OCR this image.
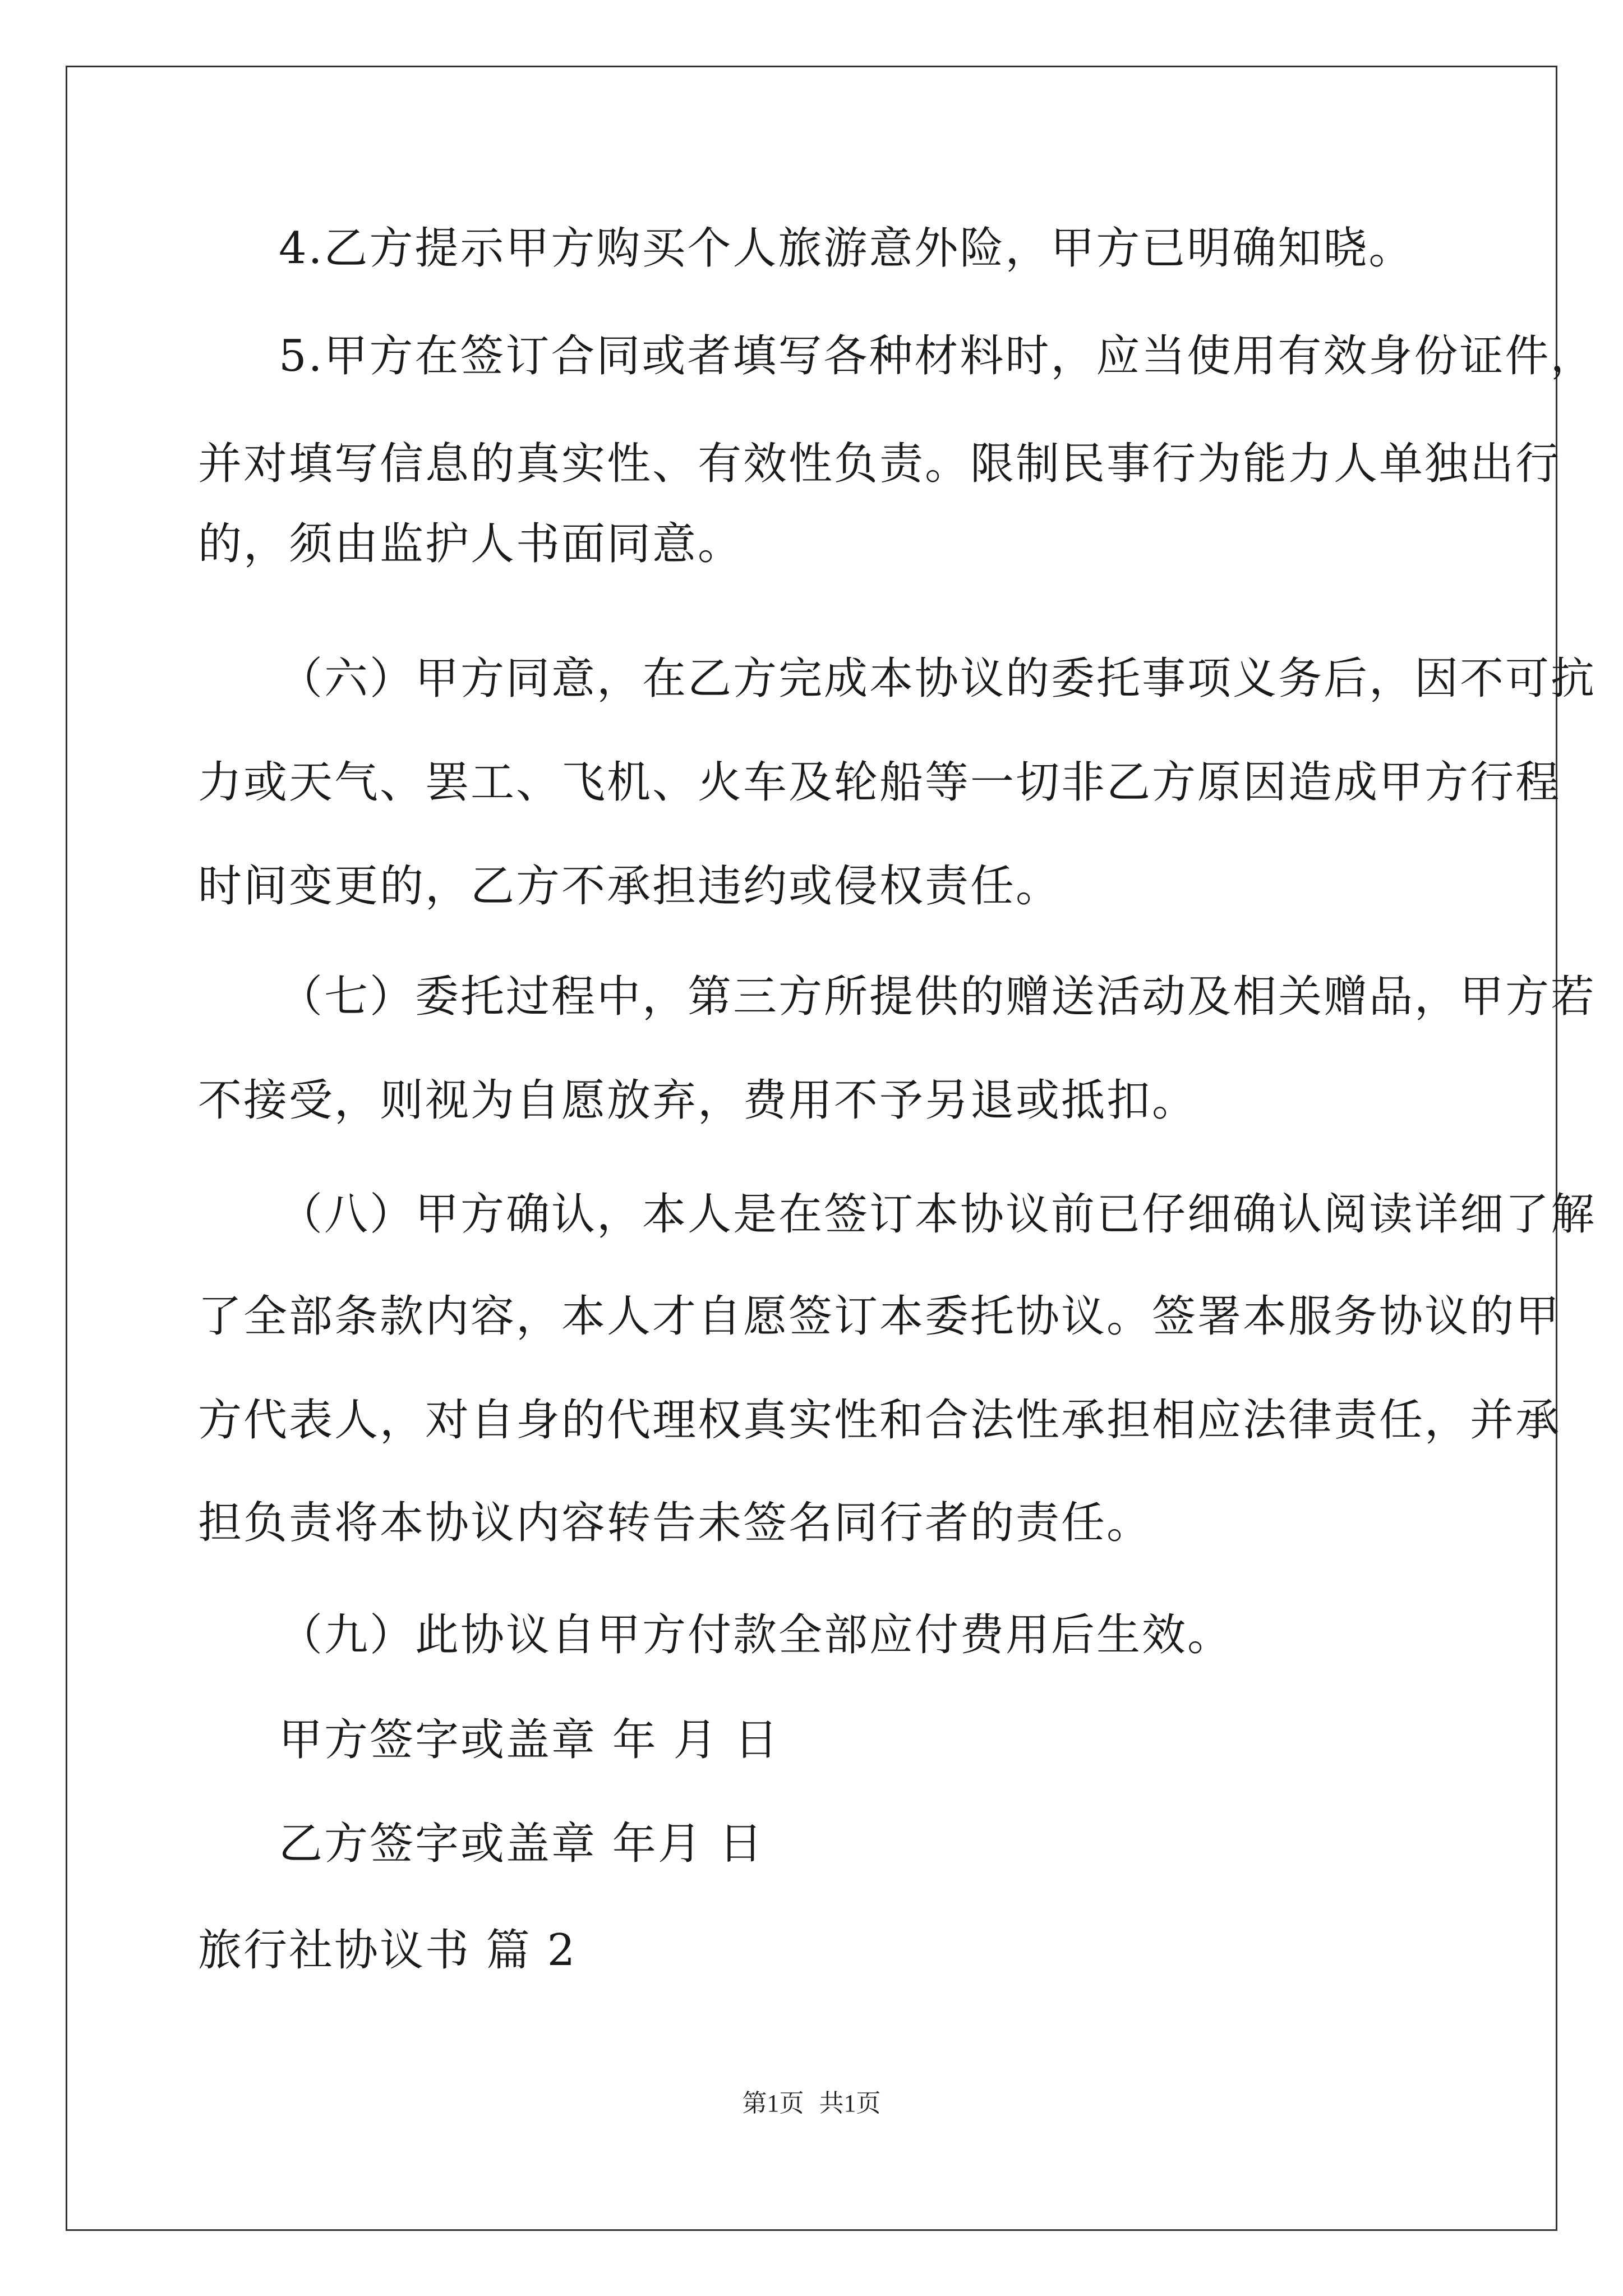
4.乙方提示甲方购买个人旅游意外险，甲方已明确知晓。
5.甲方在签订合同或者填写各种材料时，应当使用有效身份证件，
并对填写信息的真实性、有效性负责。限制民事行为能力人单独出行
的，须由监护人书面同意。
（六）甲方同意，在乙方完成本协议的委托事项义务后，因不可抗
力或天气、罢工、飞机、火车及轮船等一切非乙方原因造成甲方行程
时间变更的，乙方不承担违约或侵权责任。
（七）委托过程中，第三方所提供的赠送活动及相关赠品，甲方若
不接受，则视为自愿放弃，费用不予另退或抵扣。
（八）甲方确认，本人是在签订本协议前已仔细确认阅读详细了解
了全部条款内容，本人才自愿签订本委托协议。签署本服务协议的甲
方代表人，对自身的代理权真实性和合法性承担相应法律责任，并承
担负责将本协议内容转告未签名同行者的责任。
（九）此协议自甲方付款全部应付费用后生效。
甲方签字或盖章 年 月 日
乙方签字或盖章 年月 日
旅行社协议书 篇 2
第1页 共1页
